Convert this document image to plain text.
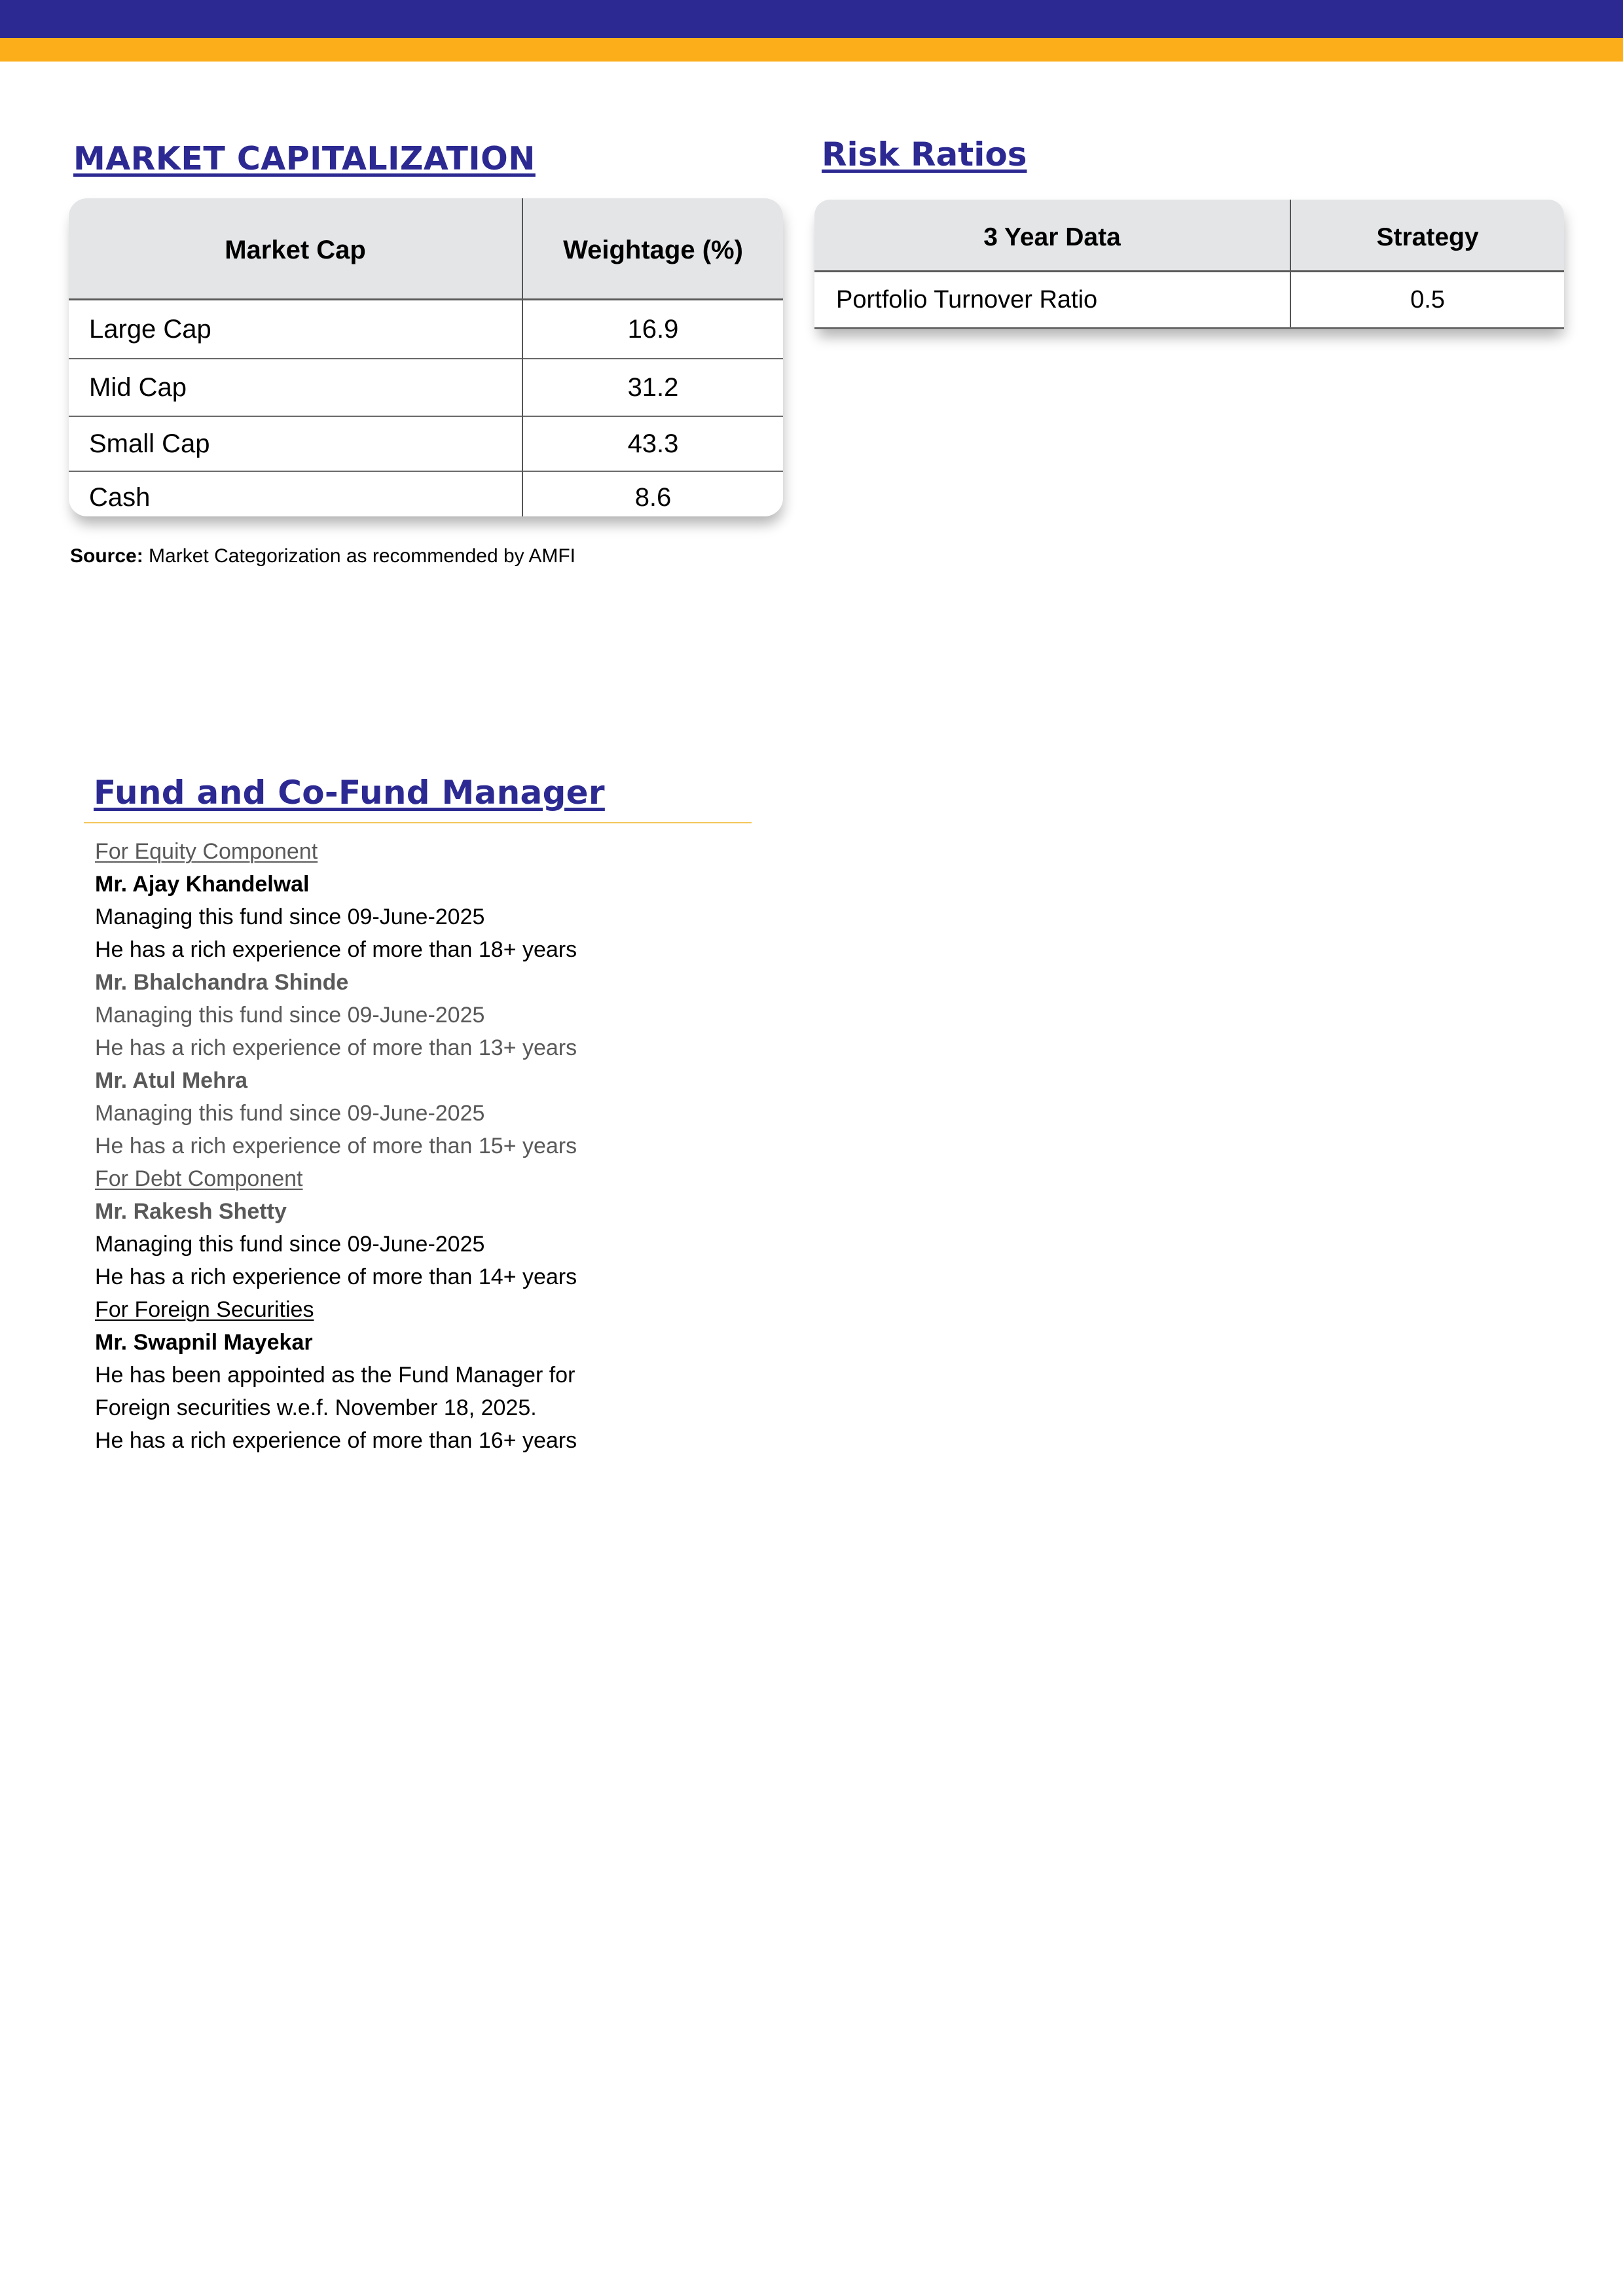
MARKET CAPITALIZATION
Market Cap	Weightage (%)
Large Cap	16.9
Mid Cap	31.2
Small Cap	43.3
Cash	8.6
Source: Market Categorization as recommended by AMFI
Risk Ratios
3 Year Data	Strategy
Portfolio Turnover Ratio	0.5
Fund and Co-Fund Manager
For Equity Component
Mr. Ajay Khandelwal
Managing this fund since 09-June-2025
He has a rich experience of more than 18+ years
Mr. Bhalchandra Shinde
Managing this fund since 09-June-2025
He has a rich experience of more than 13+ years
Mr. Atul Mehra
Managing this fund since 09-June-2025
He has a rich experience of more than 15+ years
For Debt Component
Mr. Rakesh Shetty
Managing this fund since 09-June-2025
He has a rich experience of more than 14+ years
For Foreign Securities
Mr. Swapnil Mayekar
He has been appointed as the Fund Manager for
Foreign securities w.e.f. November 18, 2025.
He has a rich experience of more than 16+ years
